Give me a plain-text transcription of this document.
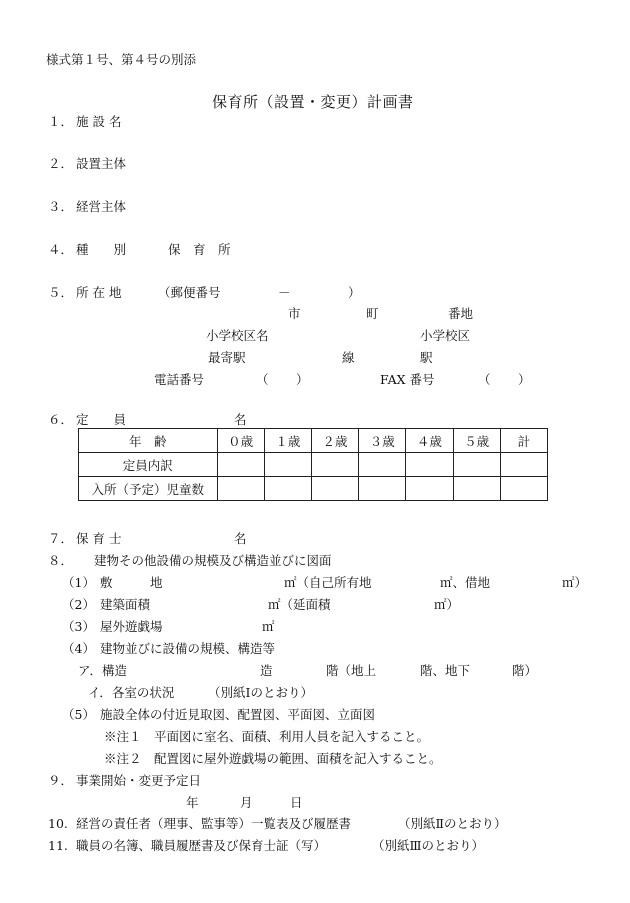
様式第１号、第４号の別添
保育所（設置・変更）計画書
１． 施 設 名
２． 設置主体
３． 経営主体
４． 種　　別	保　育　所
５． 所 在 地	（郵便番号	－	）
市	町	番地
小学校区名	小学校区
最寄駅	線	駅
電話番号	（ ）	FAX 番号	（ ）
６． 定　　員	名
年　齢	０歳	１歳	２歳	３歳	４歳	５歳	計
定員内訳							
入所（予定）児童数							
７． 保 育 士	名
８． 建物その他設備の規模及び構造並びに図面
（1） 敷　　　地	㎡（自己所有地	㎡、借地	㎡）
（2） 建築面積	㎡（延面積	㎡）
（3） 屋外遊戯場	㎡
（4） 建物並びに設備の規模、構造等
ア．構造	造	階（地上	階、地下	階）
イ．各室の状況	（別紙Ⅰのとおり）
（5） 施設全体の付近見取図、配置図、平面図、立面図
※注１　平面図に室名、面積、利用人員を記入すること。
※注２　配置図に屋外遊戯場の範囲、面積を記入すること。
９． 事業開始・変更予定日
年	月	日
10. 経営の責任者（理事、監事等）一覧表及び履歴書	（別紙Ⅱのとおり）
11. 職員の名簿、職員履歴書及び保育士証（写）	（別紙Ⅲのとおり）
